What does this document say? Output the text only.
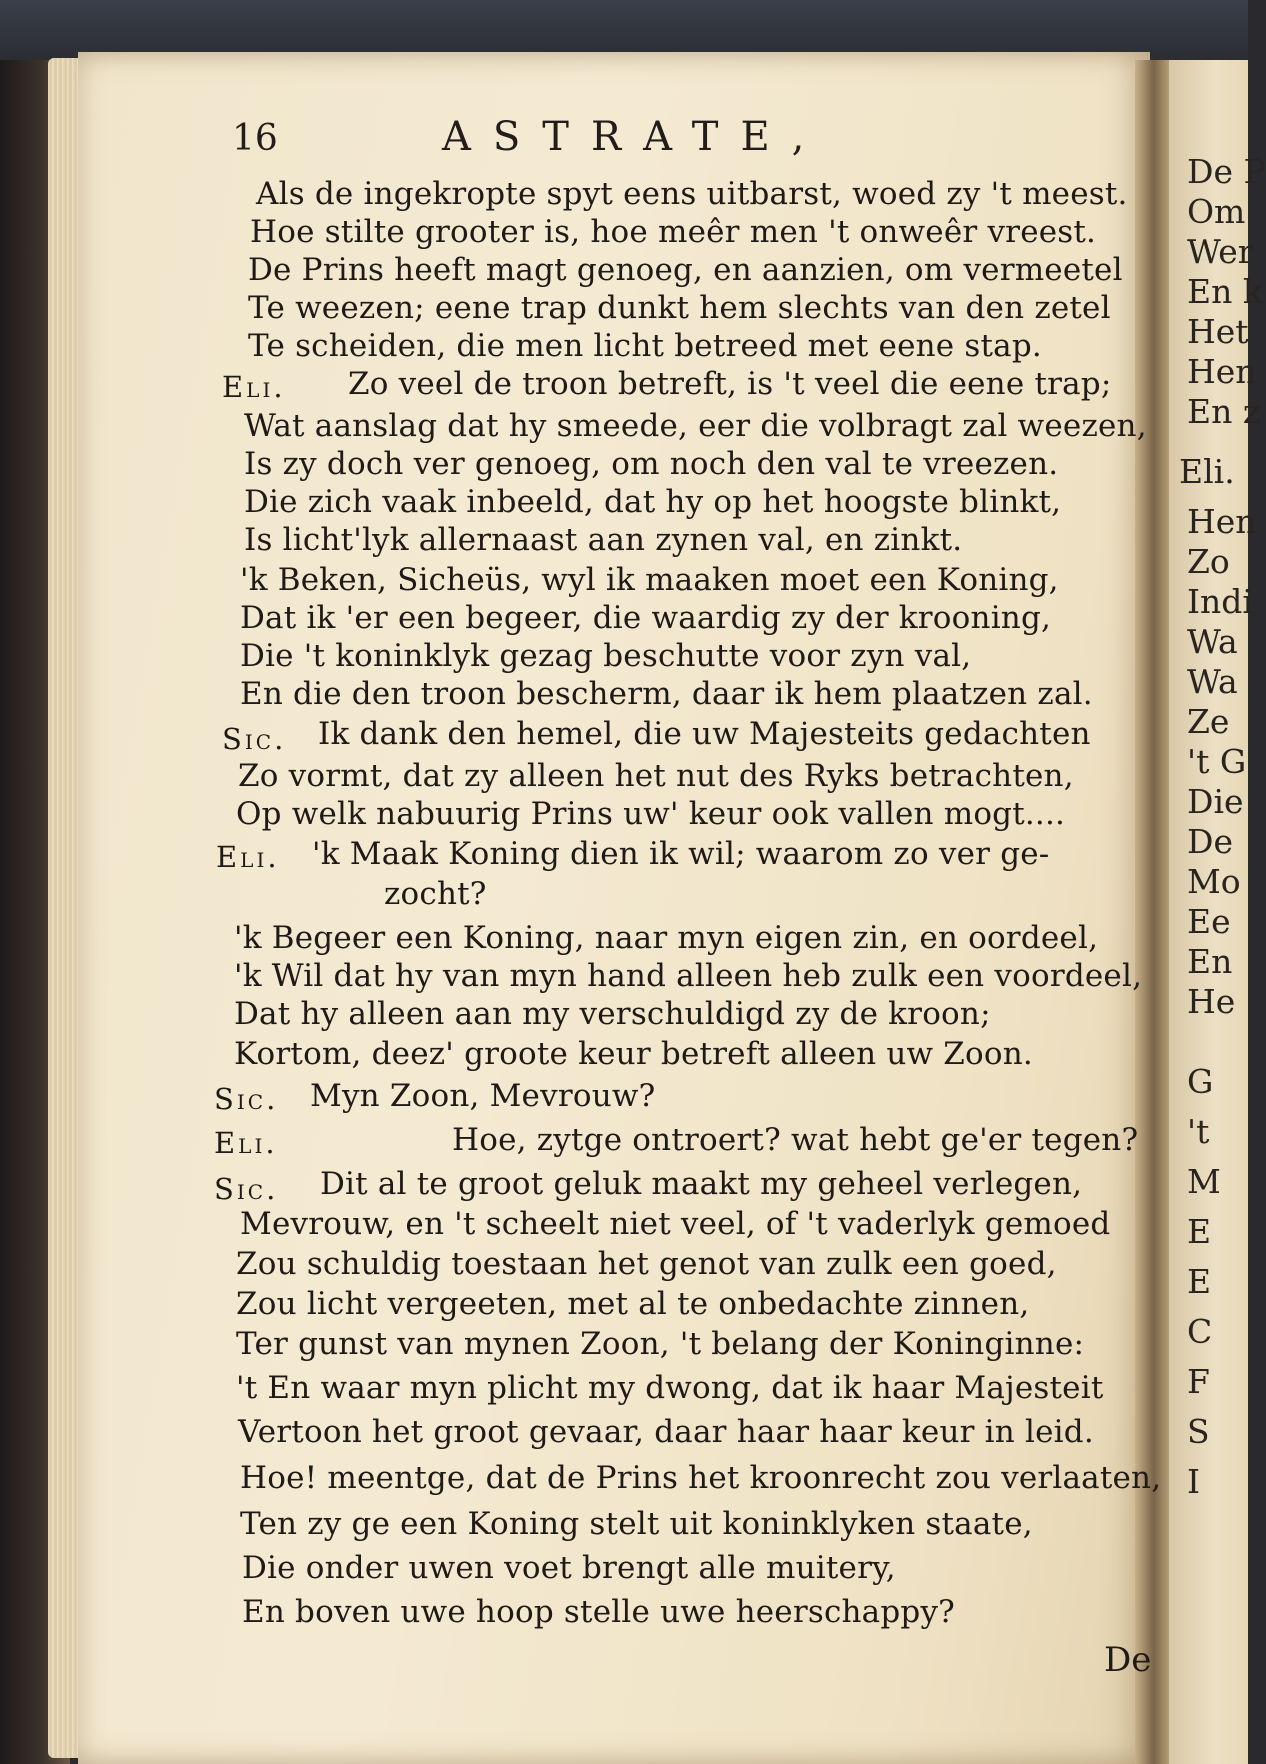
De P
Om
Wer
En k
Het
Hen
En z
Eli.
Hen
Zo
Indi
Wa
Wa
Ze
't G
Die
De
Mo
Ee
En
He
G
't
M
E
E
C
F
S
I
16	ASTRATE,
Als de ingekropte spyt eens uitbarst, woed zy 't meest.
Hoe stilte grooter is, hoe meêr men 't onweêr vreest.
De Prins heeft magt genoeg, en aanzien, om vermeetel
Te weezen; eene trap dunkt hem slechts van den zetel
Te scheiden, die men licht betreed met eene stap.
Eli. Zo veel de troon betreft, is 't veel die eene trap;
Wat aanslag dat hy smeede, eer die volbragt zal weezen,
Is zy doch ver genoeg, om noch den val te vreezen.
Die zich vaak inbeeld, dat hy op het hoogste blinkt,
Is licht'lyk allernaast aan zynen val, en zinkt.
'k Beken, Sicheüs, wyl ik maaken moet een Koning,
Dat ik 'er een begeer, die waardig zy der krooning,
Die 't koninklyk gezag beschutte voor zyn val,
En die den troon bescherm, daar ik hem plaatzen zal.
Sic. Ik dank den hemel, die uw Majesteits gedachten
Zo vormt, dat zy alleen het nut des Ryks betrachten,
Op welk nabuurig Prins uw' keur ook vallen mogt....
Eli. 'k Maak Koning dien ik wil; waarom zo ver ge-
zocht?
'k Begeer een Koning, naar myn eigen zin, en oordeel,
'k Wil dat hy van myn hand alleen heb zulk een voordeel,
Dat hy alleen aan my verschuldigd zy de kroon;
Kortom, deez' groote keur betreft alleen uw Zoon.
Sic. Myn Zoon, Mevrouw?
Eli.	Hoe, zytge ontroert? wat hebt ge'er tegen?
Sic. Dit al te groot geluk maakt my geheel verlegen,
Mevrouw, en 't scheelt niet veel, of 't vaderlyk gemoed
Zou schuldig toestaan het genot van zulk een goed,
Zou licht vergeeten, met al te onbedachte zinnen,
Ter gunst van mynen Zoon, 't belang der Koninginne:
't En waar myn plicht my dwong, dat ik haar Majesteit
Vertoon het groot gevaar, daar haar haar keur in leid.
Hoe! meentge, dat de Prins het kroonrecht zou verlaaten,
Ten zy ge een Koning stelt uit koninklyken staate,
Die onder uwen voet brengt alle muitery,
En boven uwe hoop stelle uwe heerschappy?
De
